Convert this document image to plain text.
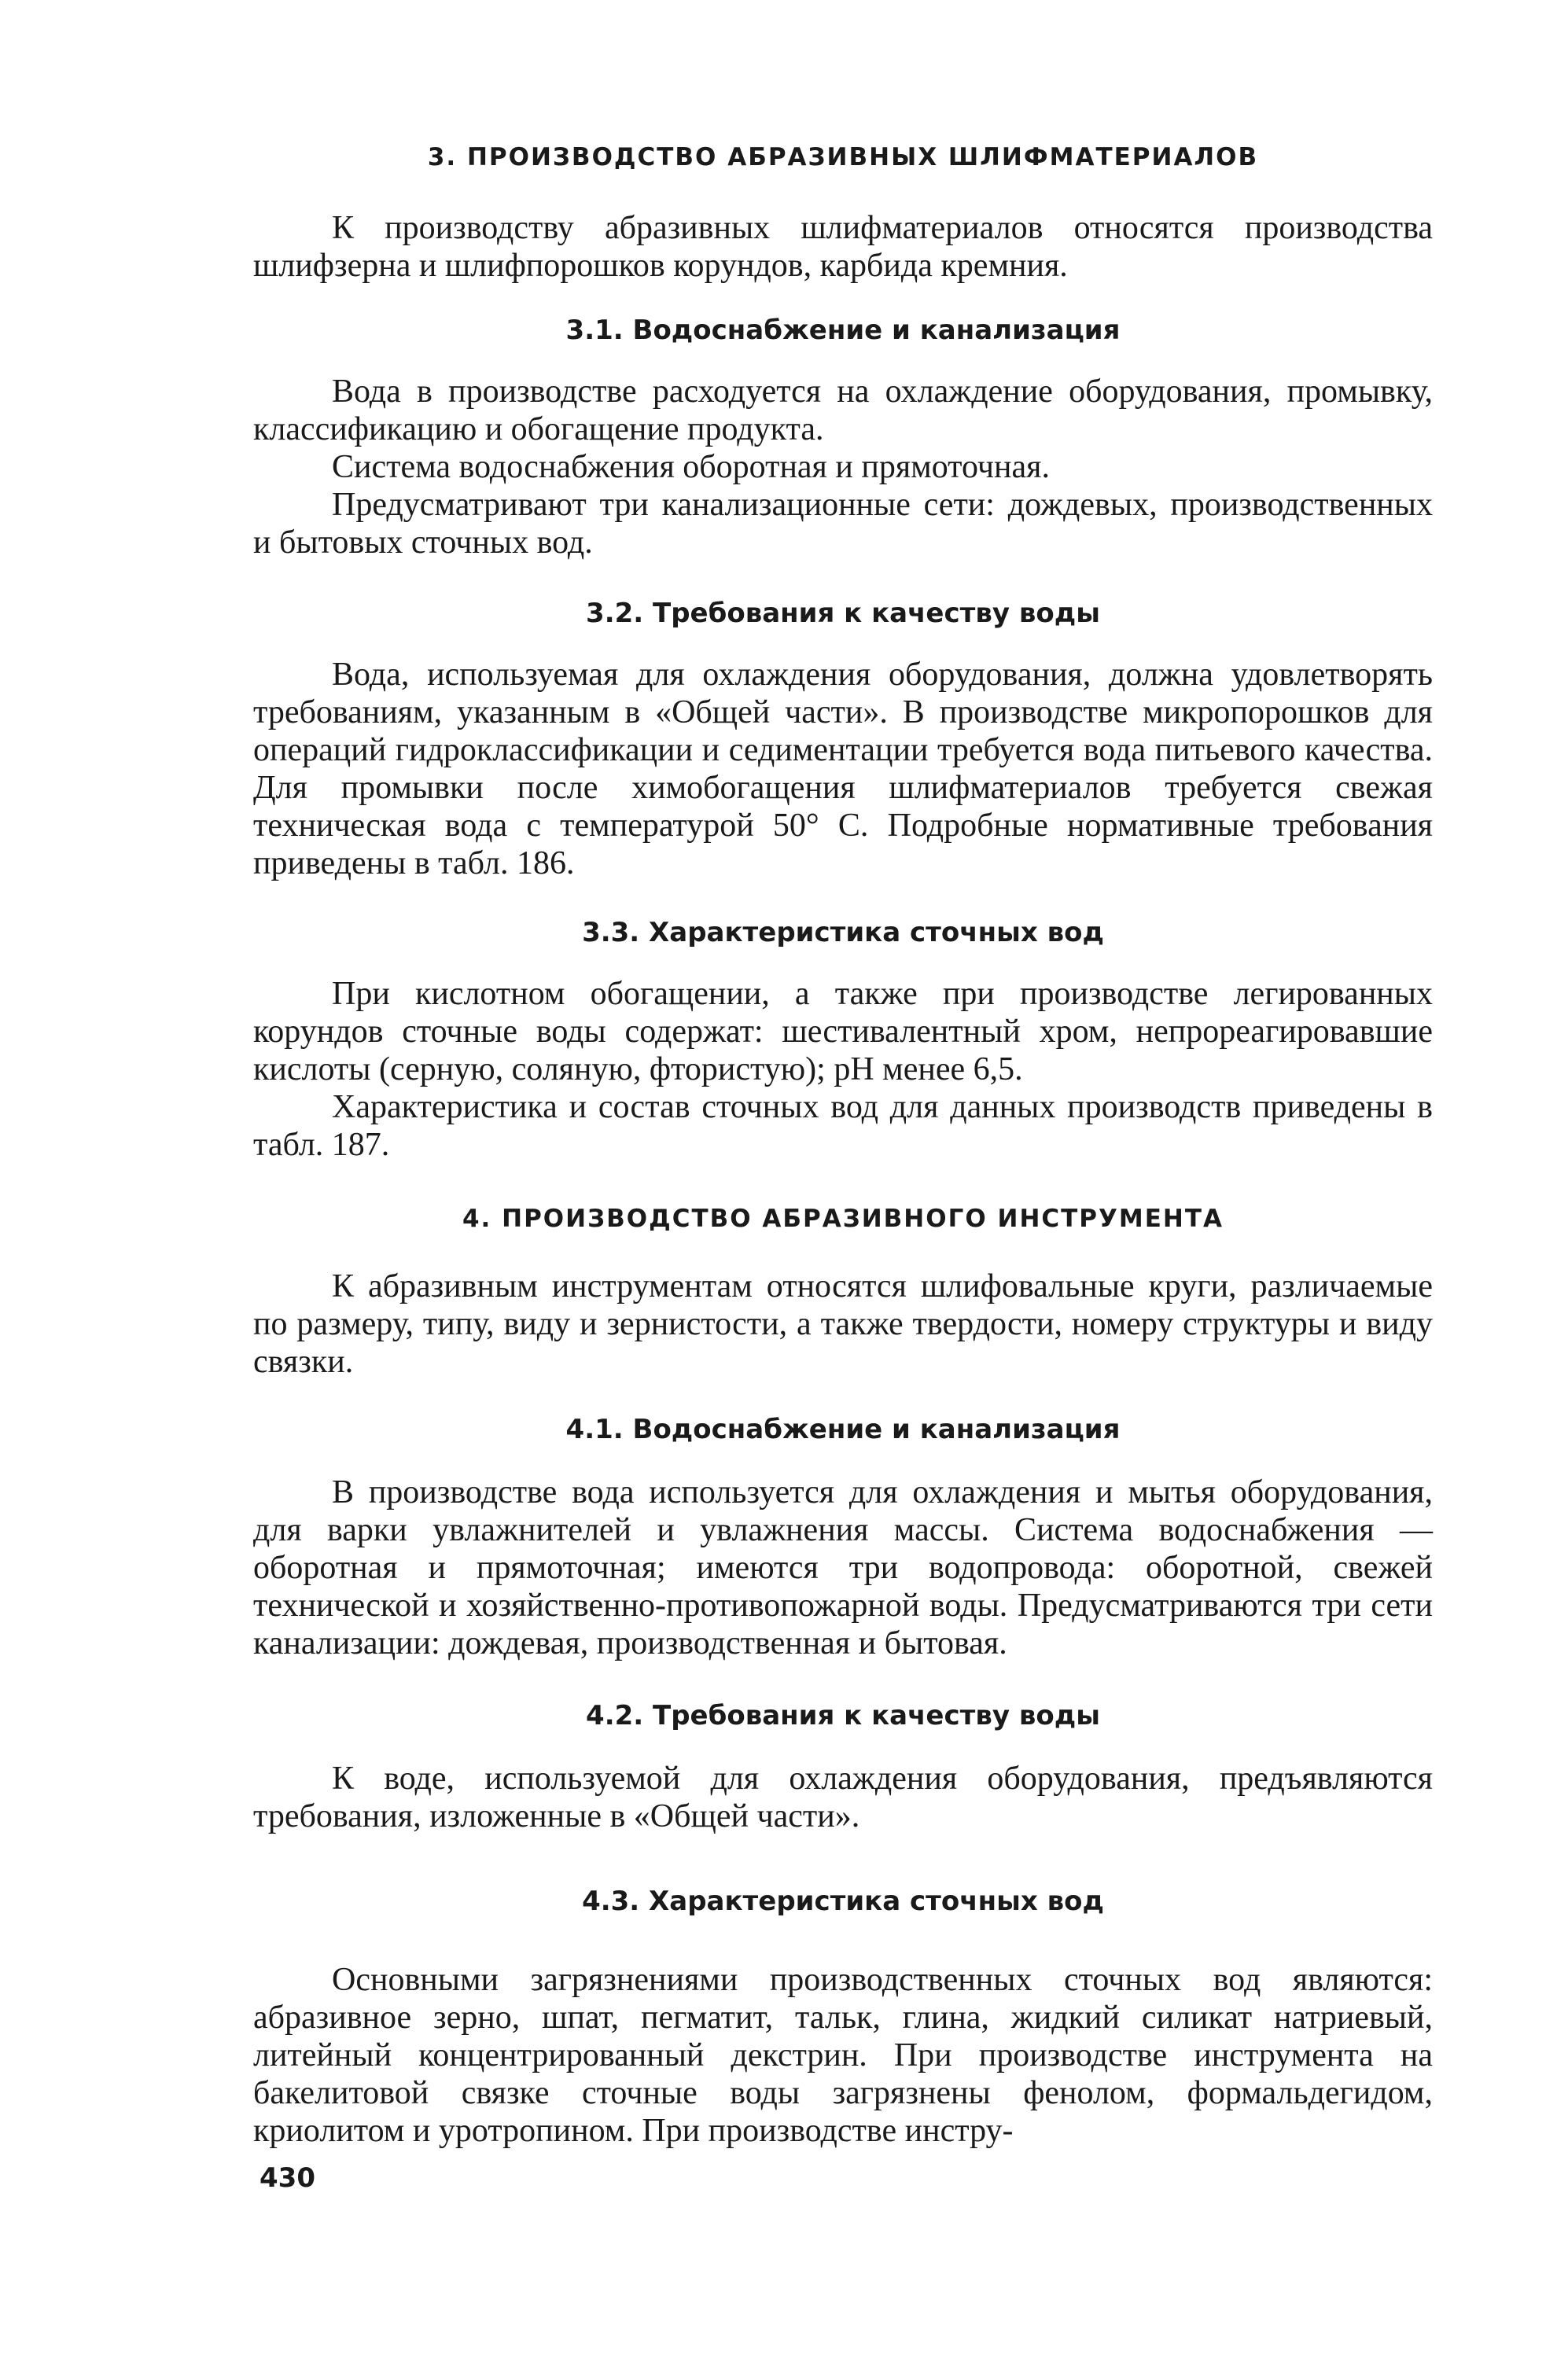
3. ПРОИЗВОДСТВО АБРАЗИВНЫХ ШЛИФМАТЕРИАЛОВ

К производству абразивных шлифматериалов относятся производства шлифзерна и шлифпорошков корундов, карбида кремния.

3.1. Водоснабжение и канализация

Вода в производстве расходуется на охлаждение оборудования, промывку, классификацию и обогащение продукта.

Система водоснабжения оборотная и прямоточная.

Предусматривают три канализационные сети: дождевых, производственных и бытовых сточных вод.

3.2. Требования к качеству воды

Вода, используемая для охлаждения оборудования, должна удовлетворять требованиям, указанным в «Общей части». В производстве микропорошков для операций гидроклассификации и седиментации требуется вода питьевого качества. Для промывки после химобогащения шлифматериалов требуется свежая техническая вода с температурой 50° С. Подробные нормативные требования приведены в табл. 186.

3.3. Характеристика сточных вод

При кислотном обогащении, а также при производстве легированных корундов сточные воды содержат: шестивалентный хром, непрореагировавшие кислоты (серную, соляную, фтористую); pH менее 6,5.

Характеристика и состав сточных вод для данных производств приведены в табл. 187.

4. ПРОИЗВОДСТВО АБРАЗИВНОГО ИНСТРУМЕНТА

К абразивным инструментам относятся шлифовальные круги, различаемые по размеру, типу, виду и зернистости, а также твердости, номеру структуры и виду связки.

4.1. Водоснабжение и канализация

В производстве вода используется для охлаждения и мытья оборудования, для варки увлажнителей и увлажнения массы. Система водоснабжения — оборотная и прямоточная; имеются три водопровода: оборотной, свежей технической и хозяйственно-противопожарной воды. Предусматриваются три сети канализации: дождевая, производственная и бытовая.

4.2. Требования к качеству воды

К воде, используемой для охлаждения оборудования, предъявляются требования, изложенные в «Общей части».

4.3. Характеристика сточных вод

Основными загрязнениями производственных сточных вод являются: абразивное зерно, шпат, пегматит, тальк, глина, жидкий силикат натриевый, литейный концентрированный декстрин. При производстве инструмента на бакелитовой связке сточные воды загрязнены фенолом, формальдегидом, криолитом и уротропином. При производстве инстру-

430
